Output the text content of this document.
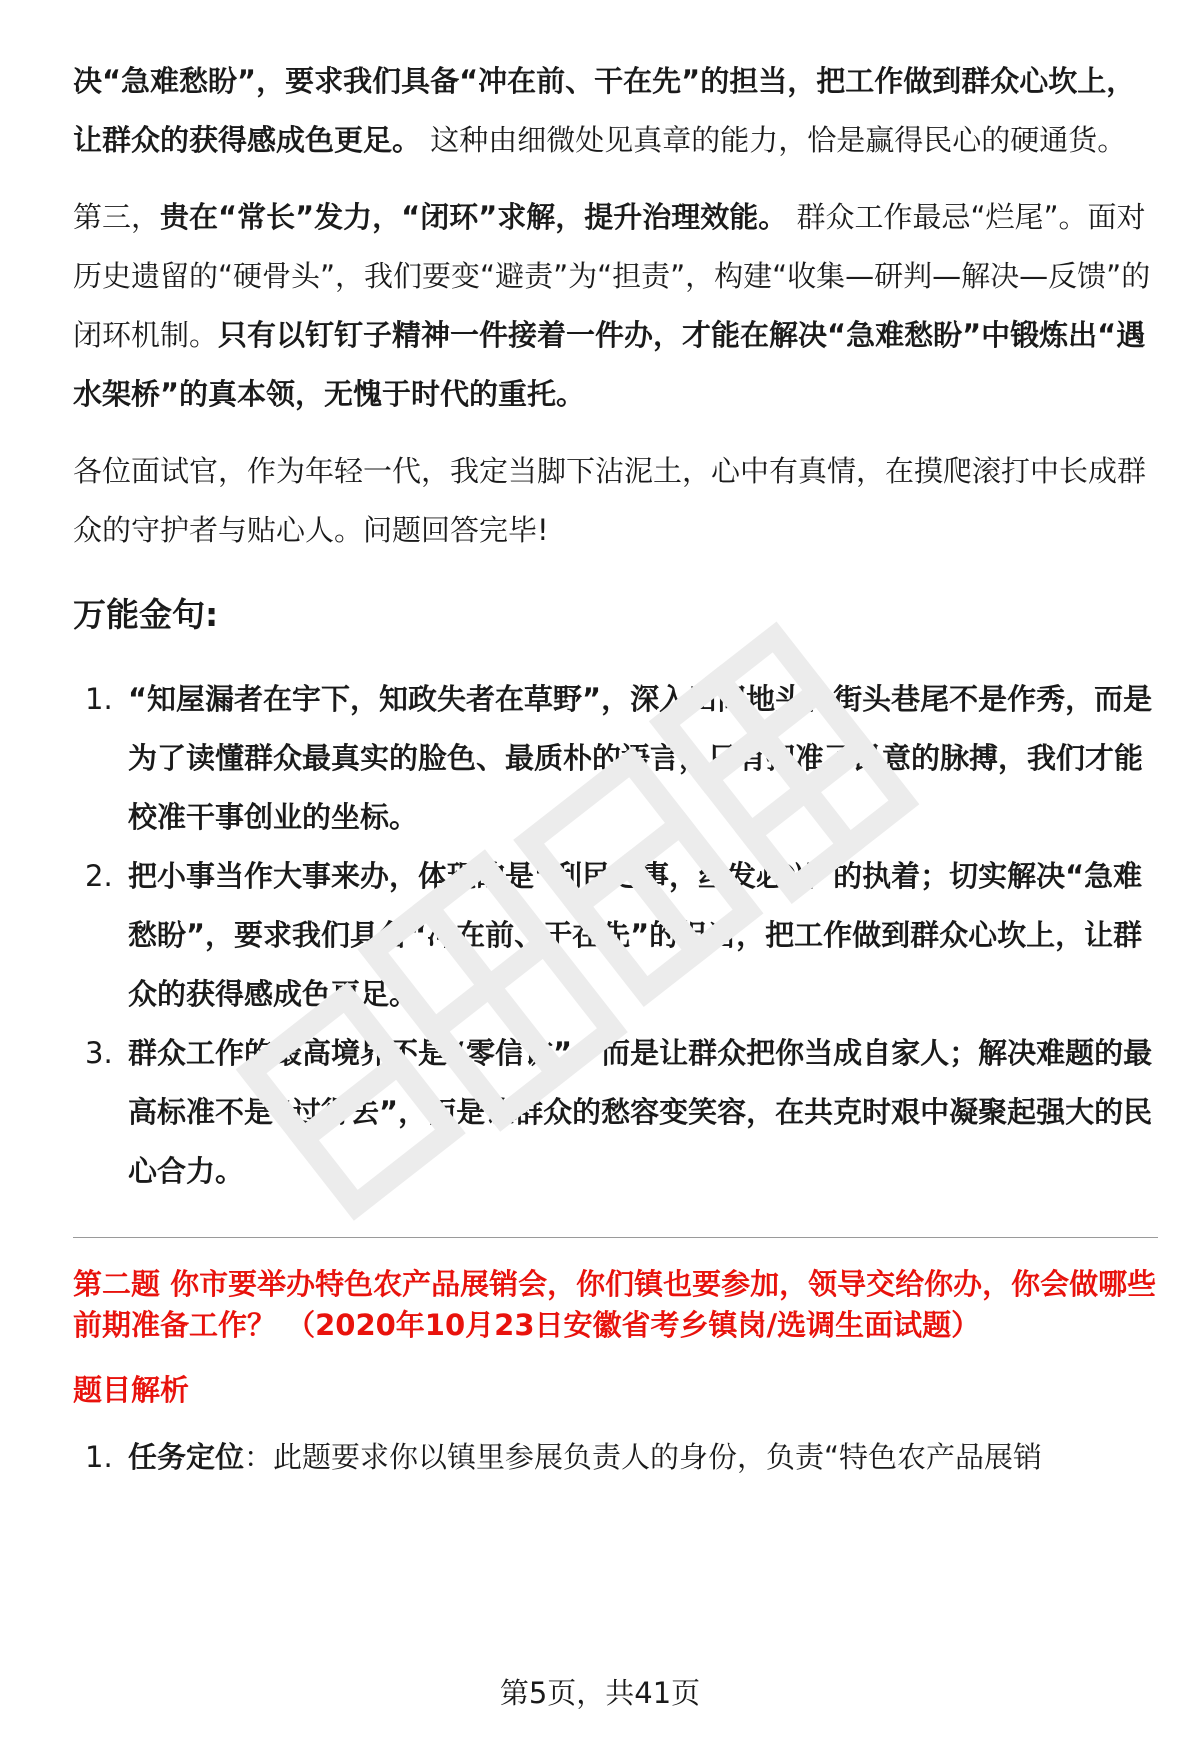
决“急难愁盼”，要求我们具备“冲在前、干在先”的担当，把工作做到群众心坎上，让群众的获得感成色更足。 这种由细微处见真章的能力，恰是赢得民心的硬通货。

第三，贵在“常长”发力，“闭环”求解，提升治理效能。 群众工作最忌“烂尾”。面对历史遗留的“硬骨头”，我们要变“避责”为“担责”，构建“收集—研判—解决—反馈”的闭环机制。只有以钉钉子精神一件接着一件办，才能在解决“急难愁盼”中锻炼出“遇水架桥”的真本领，无愧于时代的重托。

各位面试官，作为年轻一代，我定当脚下沾泥土，心中有真情，在摸爬滚打中长成群众的守护者与贴心人。问题回答完毕!

万能金句:
1. “知屋漏者在宇下，知政失者在草野”，深入田间地头、街头巷尾不是作秀，而是为了读懂群众最真实的脸色、最质朴的语言，只有把准了民意的脉搏，我们才能校准干事创业的坐标。
2. 把小事当作大事来办，体现的是“利民之事，丝发必兴”的执着；切实解决“急难愁盼”，要求我们具备“冲在前、干在先”的担当，把工作做到群众心坎上，让群众的获得感成色更足。
3. 群众工作的最高境界不是“零信访”，而是让群众把你当成自家人；解决难题的最高标准不是“过得去”，而是让群众的愁容变笑容，在共克时艰中凝聚起强大的民心合力。

第二题 你市要举办特色农产品展销会，你们镇也要参加，领导交给你办，你会做哪些前期准备工作？ （2020年10月23日安徽省考乡镇岗/选调生面试题）

题目解析

1. 任务定位：此题要求你以镇里参展负责人的身份，负责“特色农产品展销
第5页，共41页
